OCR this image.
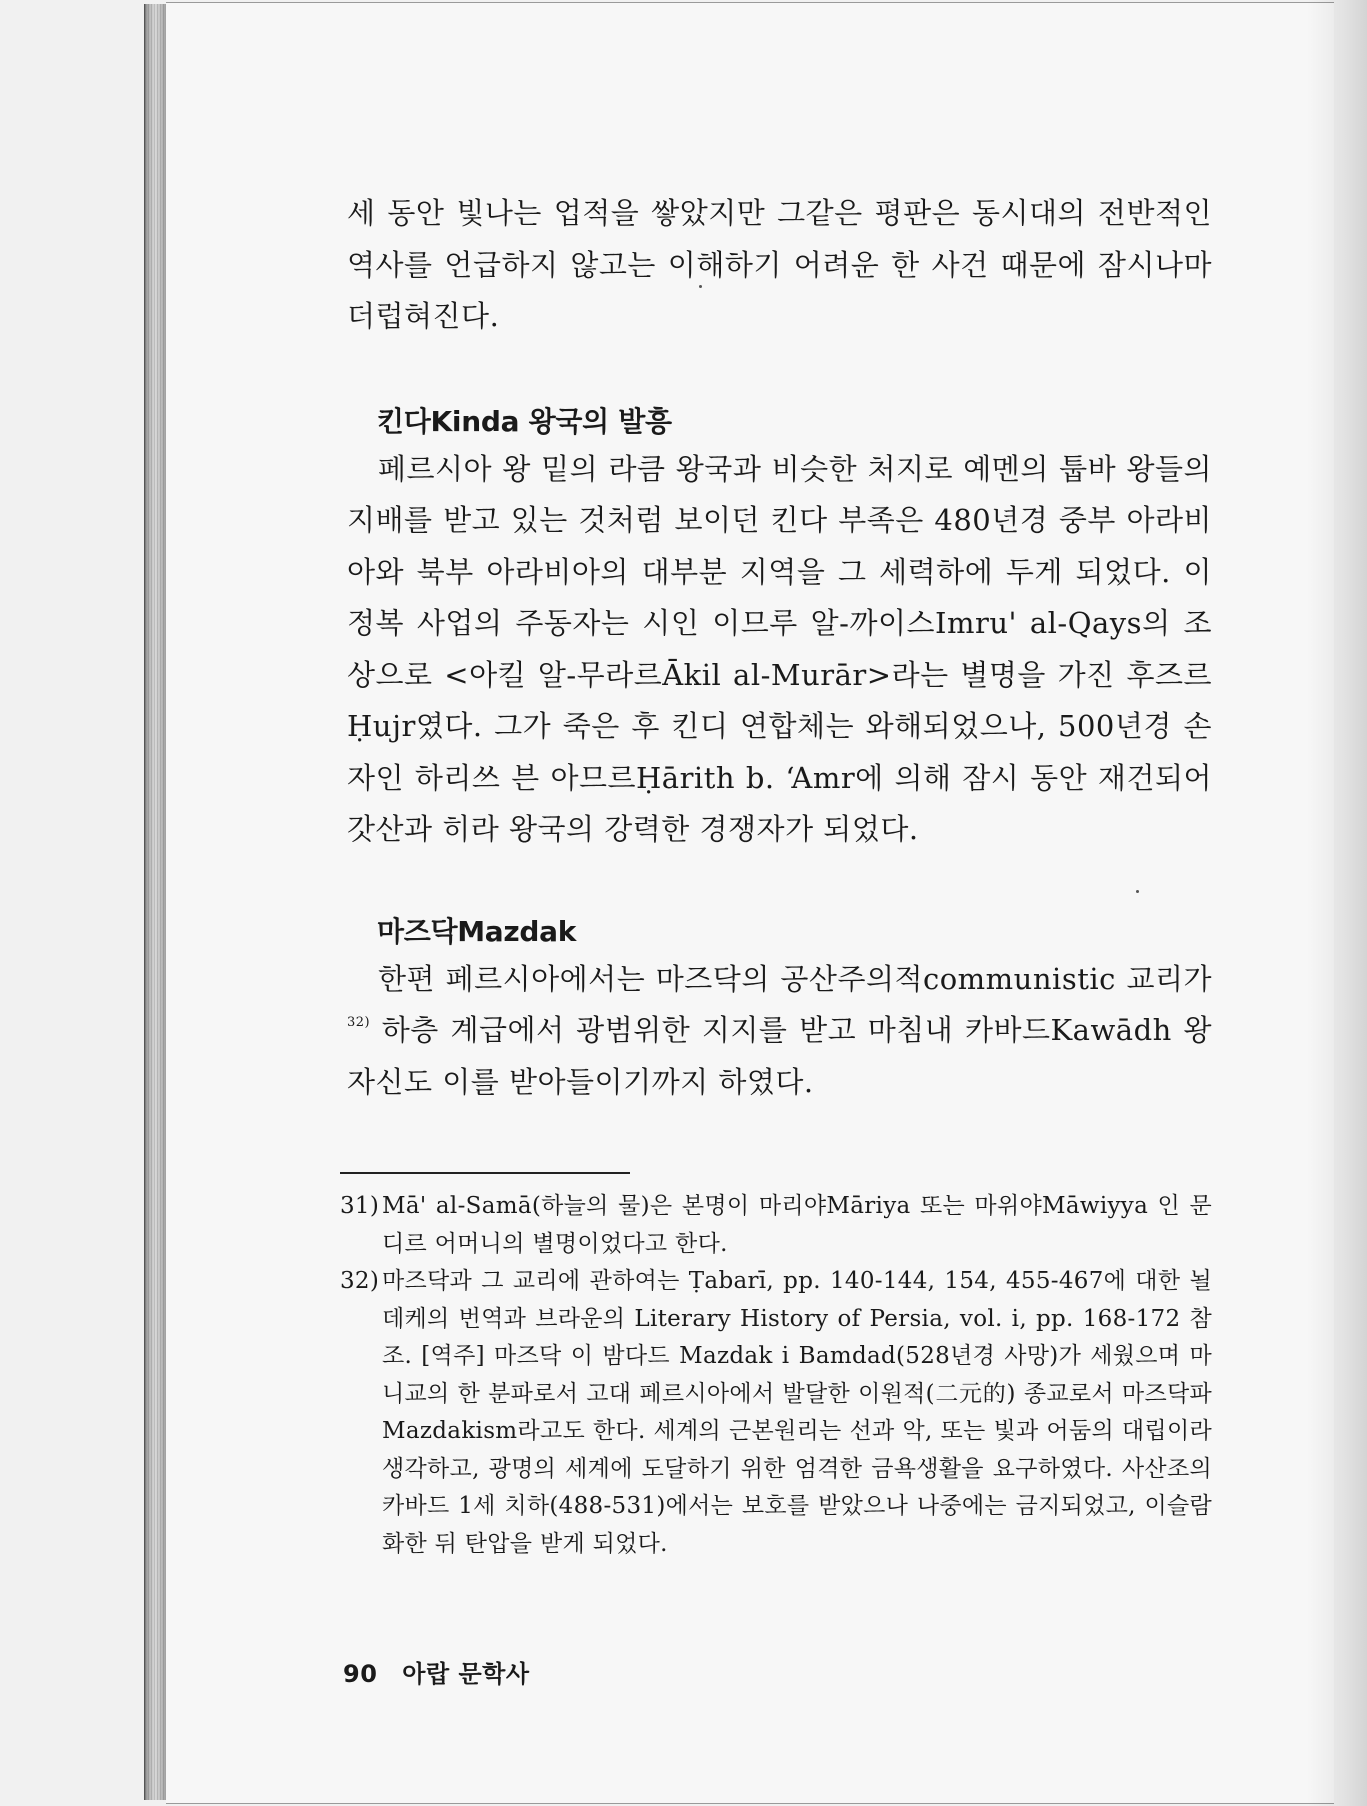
세 동안 빛나는 업적을 쌓았지만 그같은 평판은 동시대의 전반적인 역사를 언급하지 않고는 이해하기 어려운 한 사건 때문에 잠시나마 더럽혀진다.

킨다Kinda 왕국의 발흥

페르시아 왕 밑의 라큼 왕국과 비슷한 처지로 예멘의 툽바 왕들의 지배를 받고 있는 것처럼 보이던 킨다 부족은 480년경 중부 아라비아와 북부 아라비아의 대부분 지역을 그 세력하에 두게 되었다. 이 정복 사업의 주동자는 시인 이므루 알-까이스Imru' al-Qays의 조상으로 <아킬 알-무라르Ākil al-Murār>라는 별명을 가진 후즈르Ḥujr였다. 그가 죽은 후 킨디 연합체는 와해되었으나, 500년경 손자인 하리쓰 븐 아므르Ḥārith b. ‘Amr에 의해 잠시 동안 재건되어 갓산과 히라 왕국의 강력한 경쟁자가 되었다.

마즈닥Mazdak

한편 페르시아에서는 마즈닥의 공산주의적communistic 교리가$^{32)}$ 하층 계급에서 광범위한 지지를 받고 마침내 카바드Kawādh 왕 자신도 이를 받아들이기까지 하였다.

31) Mā' al-Samā(하늘의 물)은 본명이 마리야Māriya 또는 마위야Māwiyya 인 문디르 어머니의 별명이었다고 한다.

32) 마즈닥과 그 교리에 관하여는 Ṭabarī, pp. 140-144, 154, 455-467에 대한 뇔데케의 번역과 브라운의 Literary History of Persia, vol. i, pp. 168-172 참조. [역주] 마즈닥 이 밤다드 Mazdak i Bamdad(528년경 사망)가 세웠으며 마니교의 한 분파로서 고대 페르시아에서 발달한 이원적(二元的) 종교로서 마즈닥파Mazdakism라고도 한다. 세계의 근본원리는 선과 악, 또는 빛과 어둠의 대립이라 생각하고, 광명의 세계에 도달하기 위한 엄격한 금욕생활을 요구하였다. 사산조의 카바드 1세 치하(488-531)에서는 보호를 받았으나 나중에는 금지되었고, 이슬람화한 뒤 탄압을 받게 되었다.

90 아랍 문학사
